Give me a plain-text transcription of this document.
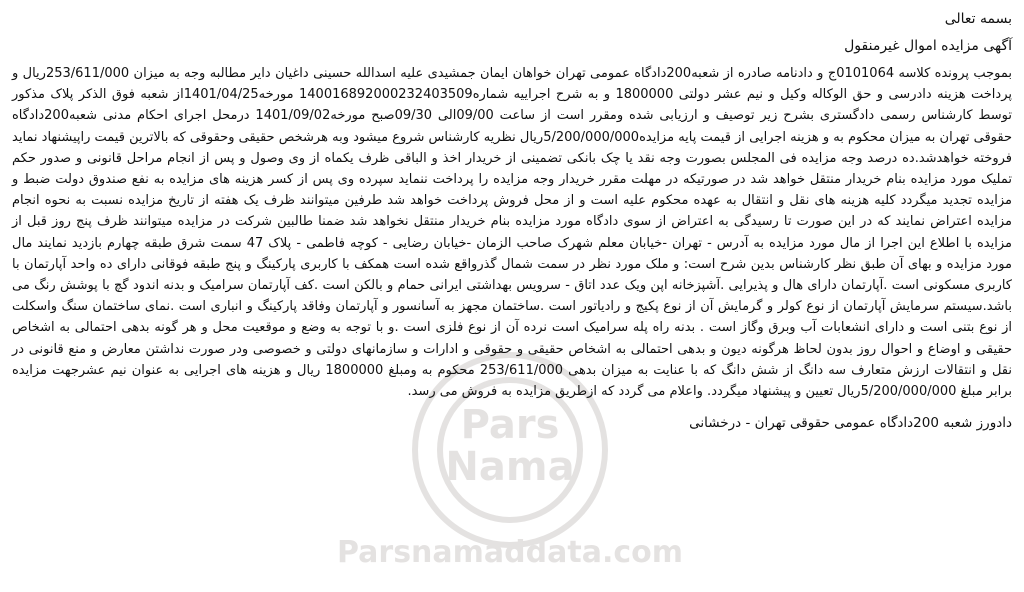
Pars
Nama
Parsnamaddata.com

بسمه تعالی

آگهی مزایده اموال غیرمنقول

بموجب پرونده کلاسه 0101064ج و دادنامه صادره از شعبه200دادگاه عمومی تهران خواهان ایمان جمشیدی علیه اسدالله حسینی داغیان دایر مطالبه وجه به میزان 253/611/000ریال و پرداخت هزینه دادرسی و حق الوکاله وکیل و نیم عشر دولتی 1800000 و به شرح اجراییه شماره140016892000232403509 مورخه1401/04/25از شعبه فوق الذکر پلاک مذکور توسط کارشناس رسمی دادگستری بشرح زیر توصیف و ارزیابی شده ومقرر است از ساعت 09/00الی 09/30صبح مورخه1401/09/02 درمحل اجرای احکام مدنی شعبه200دادگاه حقوقی تهران به میزان محکوم به و هزینه اجرایی از قیمت پایه مزایده5/200/000/000ریال نظریه کارشناس شروع میشود وبه هرشخص حقیقی وحقوقی که بالاترین قیمت راپیشنهاد نماید فروخته خواهدشد.ده درصد وجه مزایده فی المجلس بصورت وجه نقد یا چک بانکی تضمینی از خریدار اخذ و الباقی ظرف یکماه از وی وصول و پس از انجام مراحل قانونی و صدور حکم تملیک مورد مزایده بنام خریدار منتقل خواهد شد در صورتیکه در مهلت مقرر خریدار وجه مزایده را پرداخت ننماید سپرده وی پس از کسر هزینه های مزایده به نفع صندوق دولت ضبط و مزایده تجدید میگردد کلیه هزینه های نقل و انتقال به عهده محکوم علیه است و از محل فروش پرداخت خواهد شد طرفین میتوانند ظرف یک هفته از تاریخ مزایده نسبت به نحوه انجام مزایده اعتراض نمایند که در این صورت تا رسیدگی به اعتراض از سوی دادگاه مورد مزایده بنام خریدار منتقل نخواهد شد ضمنا طالبین شرکت در مزایده میتوانند ظرف پنج روز قبل از مزایده با اطلاع این اجرا از مال مورد مزایده به آدرس - تهران -خیابان معلم شهرک صاحب الزمان -خیابان رضایی - کوچه فاطمی - پلاک 47 سمت شرق طبقه چهارم بازدید نمایند مال مورد مزایده و بهای آن طبق نظر کارشناس بدین شرح است: و ملک مورد نظر در سمت شمال گذرواقع شده است همکف با کاربری پارکینگ و پنج طبقه فوقانی دارای ده واحد آپارتمان با کاربری مسکونی است .آپارتمان دارای هال و پذیرایی .آشپزخانه اپن ویک عدد اتاق - سرویس بهداشتی ایرانی حمام و بالکن است .کف آپارتمان سرامیک و بدنه اندود گچ با پوشش رنگ می باشد.سیستم سرمایش آپارتمان از نوع کولر و گرمایش آن از نوع پکیج و رادیاتور است .ساختمان مجهز به آسانسور و آپارتمان وفاقد پارکینگ و انباری است .نمای ساختمان سنگ واسکلت از نوع بتنی است و دارای انشعابات آب وبرق وگاز است . بدنه راه پله سرامیک است نرده آن از نوع فلزی است .و با توجه به وضع و موقعیت محل و هر گونه بدهی احتمالی به اشخاص حقیقی و اوضاع و احوال روز بدون لحاظ هرگونه دیون و بدهی احتمالی به اشخاص حقیقی و حقوقی و ادارات و سازمانهای دولتی و خصوصی ودر صورت نداشتن معارض و منع قانونی در نقل و انتقالات ارزش متعارف سه دانگ از شش دانگ که با عنایت به میزان بدهی 253/611/000 محکوم به ومبلغ 1800000 ریال و هزینه های اجرایی به عنوان نیم عشرجهت مزایده برابر مبلغ 5/200/000/000ریال تعیین و پیشنهاد میگردد. واعلام می گردد که ازطریق مزایده به فروش می رسد.

دادورز شعبه 200دادگاه عمومی حقوقی تهران - درخشانی
